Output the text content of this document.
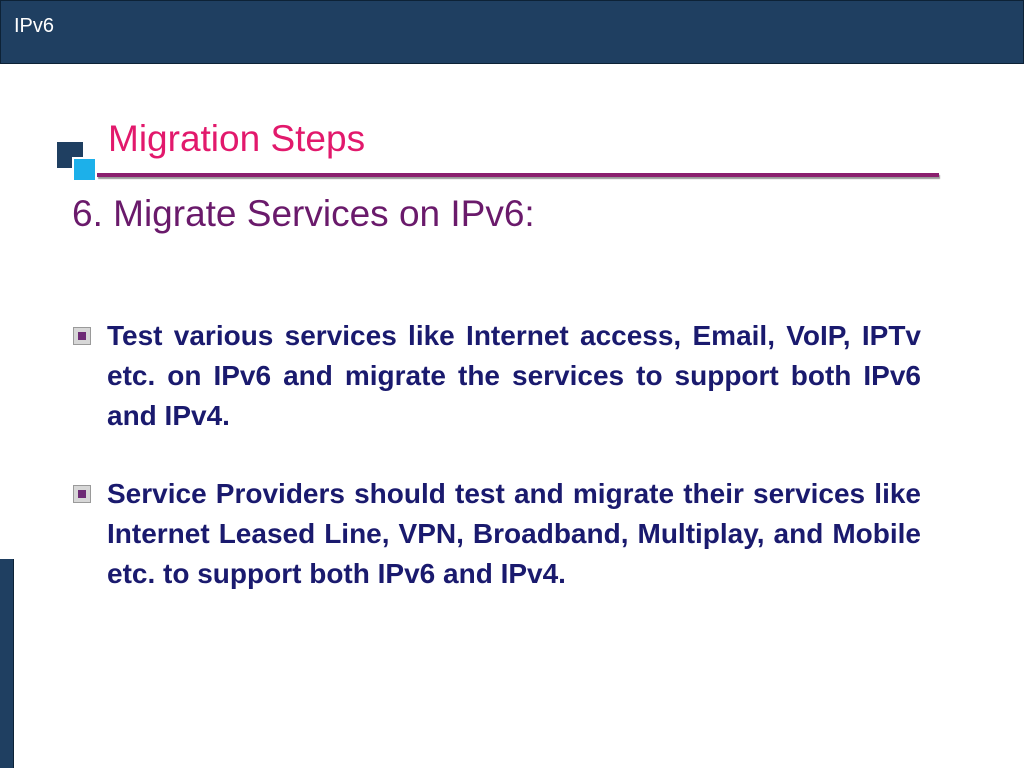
IPv6
Migration Steps
6. Migrate Services on IPv6:
Test various services like Internet access, Email, VoIP, IPTv etc. on IPv6 and migrate the services to support both IPv6 and IPv4.
Service Providers should test and migrate their services like Internet Leased Line, VPN, Broadband, Multiplay, and Mobile etc. to support both IPv6 and IPv4.
